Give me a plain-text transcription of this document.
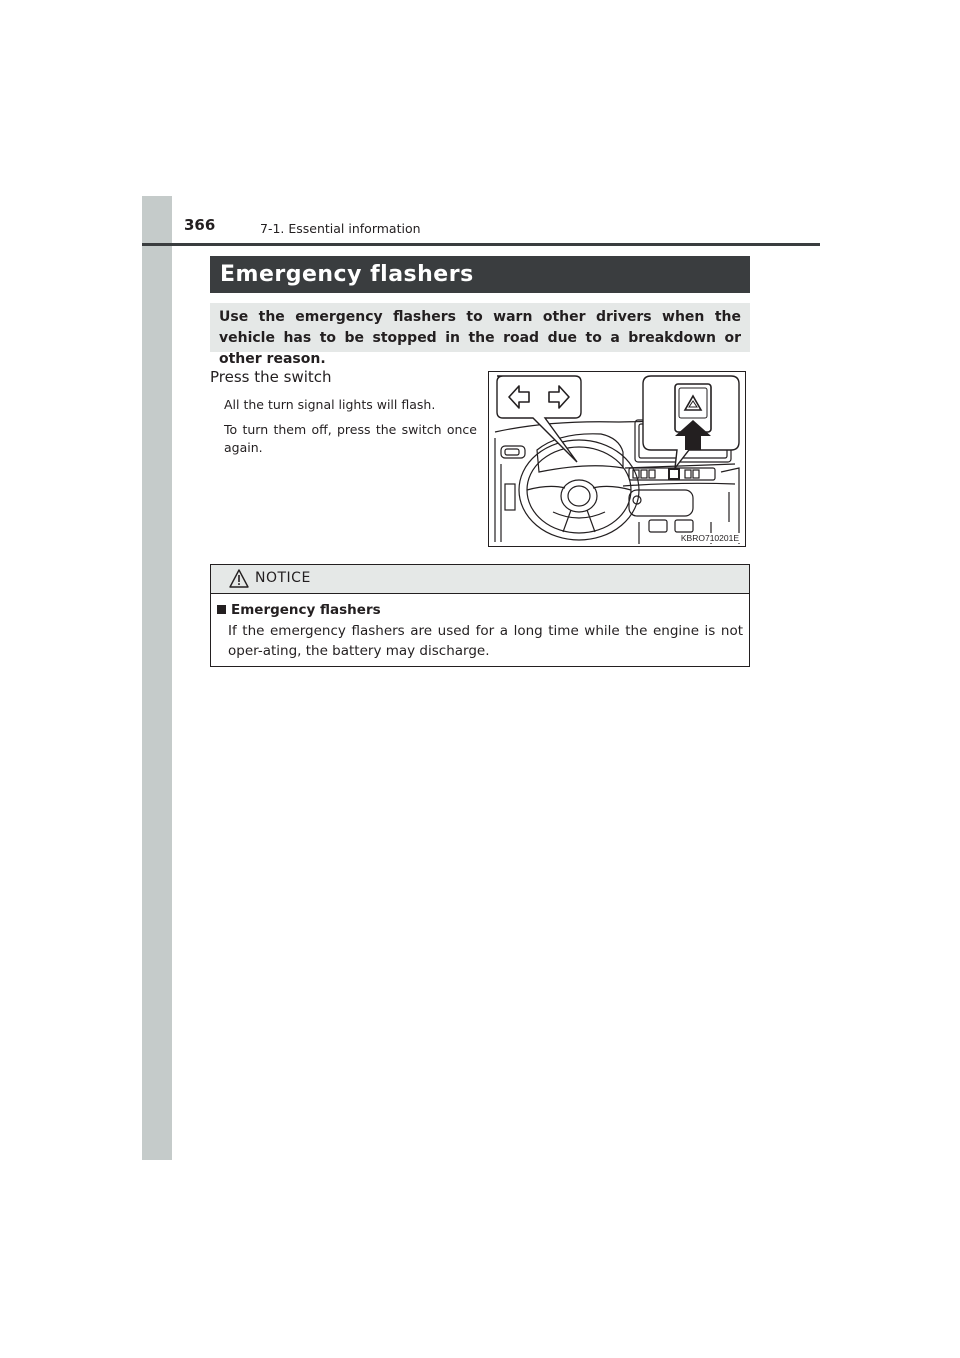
366	7-1. Essential information
Emergency flashers
Use the emergency flashers to warn other drivers when the vehicle has to be stopped in the road due to a breakdown or other reason.
Press the switch
All the turn signal lights will flash.
To turn them off, press the switch once again.
KBRO710201E
NOTICE
Emergency flashers
If the emergency flashers are used for a long time while the engine is not oper-ating, the battery may discharge.
